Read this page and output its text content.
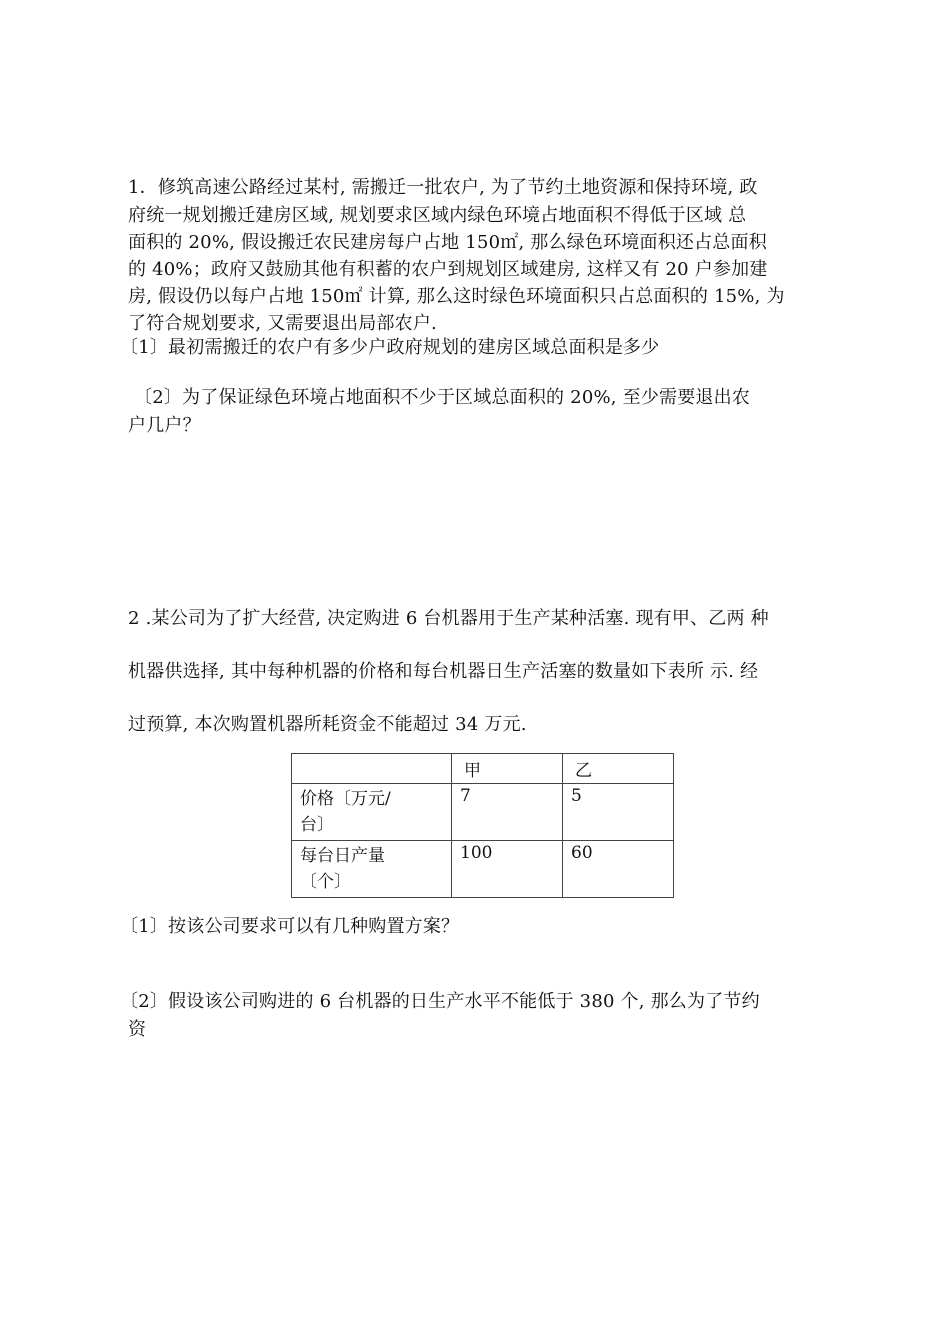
1．修筑高速公路经过某村, 需搬迁一批农户, 为了节约土地资源和保持环境, 政
府统一规划搬迁建房区域, 规划要求区域内绿色环境占地面积不得低于区域 总
面积的 20%, 假设搬迁农民建房每户占地 150㎡, 那么绿色环境面积还占总面积
的 40%；政府又鼓励其他有积蓄的农户到规划区域建房, 这样又有 20 户参加建
房, 假设仍以每户占地 150㎡ 计算, 那么这时绿色环境面积只占总面积的 15%, 为
了符合规划要求, 又需要退出局部农户.
〔1〕最初需搬迁的农户有多少户政府规划的建房区域总面积是多少
〔2〕为了保证绿色环境占地面积不少于区域总面积的 20%, 至少需要退出农
户几户？
2 .某公司为了扩大经营, 决定购进 6 台机器用于生产某种活塞. 现有甲、乙两 种
机器供选择, 其中每种机器的价格和每台机器日生产活塞的数量如下表所 示. 经
过预算, 本次购置机器所耗资金不能超过 34 万元.
	甲	乙

价格〔万元/
台〕	7	5

每台日产量
〔个〕	100	60
〔1〕按该公司要求可以有几种购置方案？
〔2〕假设该公司购进的 6 台机器的日生产水平不能低于 380 个, 那么为了节约
资
